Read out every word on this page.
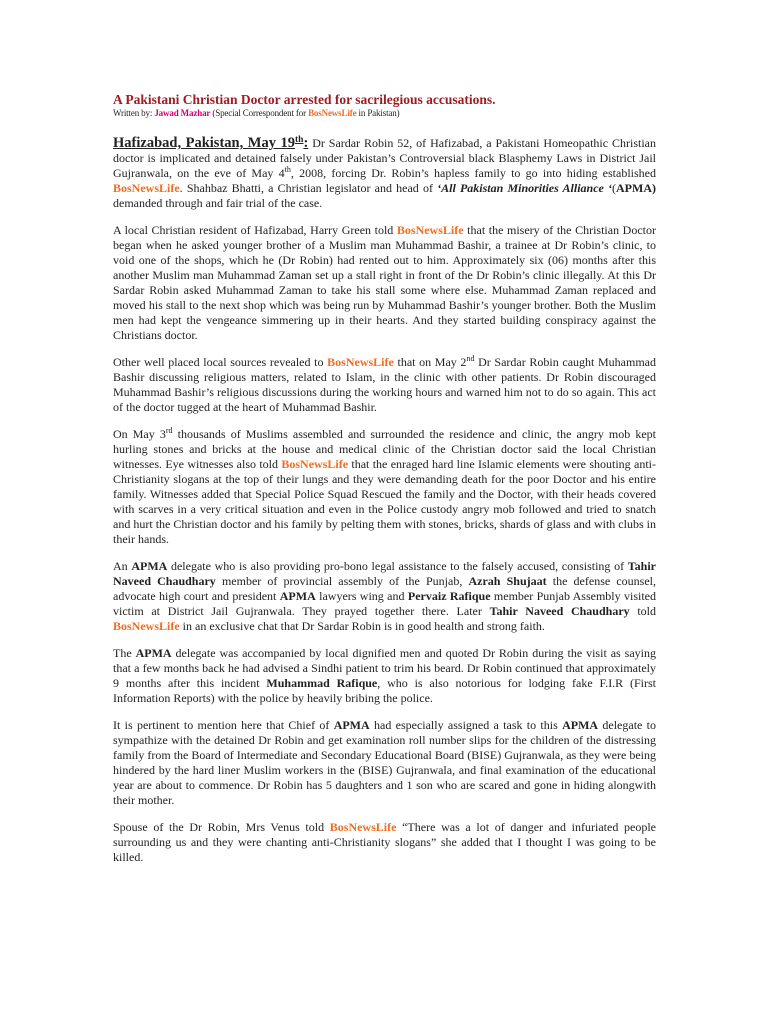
A Pakistani Christian Doctor arrested for sacrilegious accusations.
Written by: Jawad Mazhar (Special Correspondent for BosNewsLife in Pakistan)

Hafizabad, Pakistan, May 19th: Dr Sardar Robin 52, of Hafizabad, a Pakistani Homeopathic Christian doctor is implicated and detained falsely under Pakistan’s Controversial black Blasphemy Laws in District Jail Gujranwala, on the eve of May 4th, 2008, forcing Dr. Robin’s hapless family to go into hiding established BosNewsLife. Shahbaz Bhatti, a Christian legislator and head of ‘All Pakistan Minorities Alliance ‘(APMA) demanded through and fair trial of the case.

A local Christian resident of Hafizabad, Harry Green told BosNewsLife that the misery of the Christian Doctor began when he asked younger brother of a Muslim man Muhammad Bashir, a trainee at Dr Robin’s clinic, to void one of the shops, which he (Dr Robin) had rented out to him. Approximately six (06) months after this another Muslim man Muhammad Zaman set up a stall right in front of the Dr Robin’s clinic illegally. At this Dr Sardar Robin asked Muhammad Zaman to take his stall some where else. Muhammad Zaman replaced and moved his stall to the next shop which was being run by Muhammad Bashir’s younger brother. Both the Muslim men had kept the vengeance simmering up in their hearts. And they started building conspiracy against the Christians doctor.

Other well placed local sources revealed to BosNewsLife that on May 2nd Dr Sardar Robin caught Muhammad Bashir discussing religious matters, related to Islam, in the clinic with other patients. Dr Robin discouraged Muhammad Bashir’s religious discussions during the working hours and warned him not to do so again. This act of the doctor tugged at the heart of Muhammad Bashir.

On May 3rd thousands of Muslims assembled and surrounded the residence and clinic, the angry mob kept hurling stones and bricks at the house and medical clinic of the Christian doctor said the local Christian witnesses. Eye witnesses also told BosNewsLife that the enraged hard line Islamic elements were shouting anti-Christianity slogans at the top of their lungs and they were demanding death for the poor Doctor and his entire family. Witnesses added that Special Police Squad Rescued the family and the Doctor, with their heads covered with scarves in a very critical situation and even in the Police custody angry mob followed and tried to snatch and hurt the Christian doctor and his family by pelting them with stones, bricks, shards of glass and with clubs in their hands.

An APMA delegate who is also providing pro-bono legal assistance to the falsely accused, consisting of Tahir Naveed Chaudhary member of provincial assembly of the Punjab, Azrah Shujaat the defense counsel, advocate high court and president APMA lawyers wing and Pervaiz Rafique member Punjab Assembly visited victim at District Jail Gujranwala. They prayed together there. Later Tahir Naveed Chaudhary told BosNewsLife in an exclusive chat that Dr Sardar Robin is in good health and strong faith.

The APMA delegate was accompanied by local dignified men and quoted Dr Robin during the visit as saying that a few months back he had advised a Sindhi patient to trim his beard. Dr Robin continued that approximately 9 months after this incident Muhammad Rafique, who is also notorious for lodging fake F.I.R (First Information Reports) with the police by heavily bribing the police.

It is pertinent to mention here that Chief of APMA had especially assigned a task to this APMA delegate to sympathize with the detained Dr Robin and get examination roll number slips for the children of the distressing family from the Board of Intermediate and Secondary Educational Board (BISE) Gujranwala, as they were being hindered by the hard liner Muslim workers in the (BISE) Gujranwala, and final examination of the educational year are about to commence. Dr Robin has 5 daughters and 1 son who are scared and gone in hiding alongwith their mother.

Spouse of the Dr Robin, Mrs Venus told BosNewsLife “There was a lot of danger and infuriated people surrounding us and they were chanting anti-Christianity slogans” she added that I thought I was going to be killed.
